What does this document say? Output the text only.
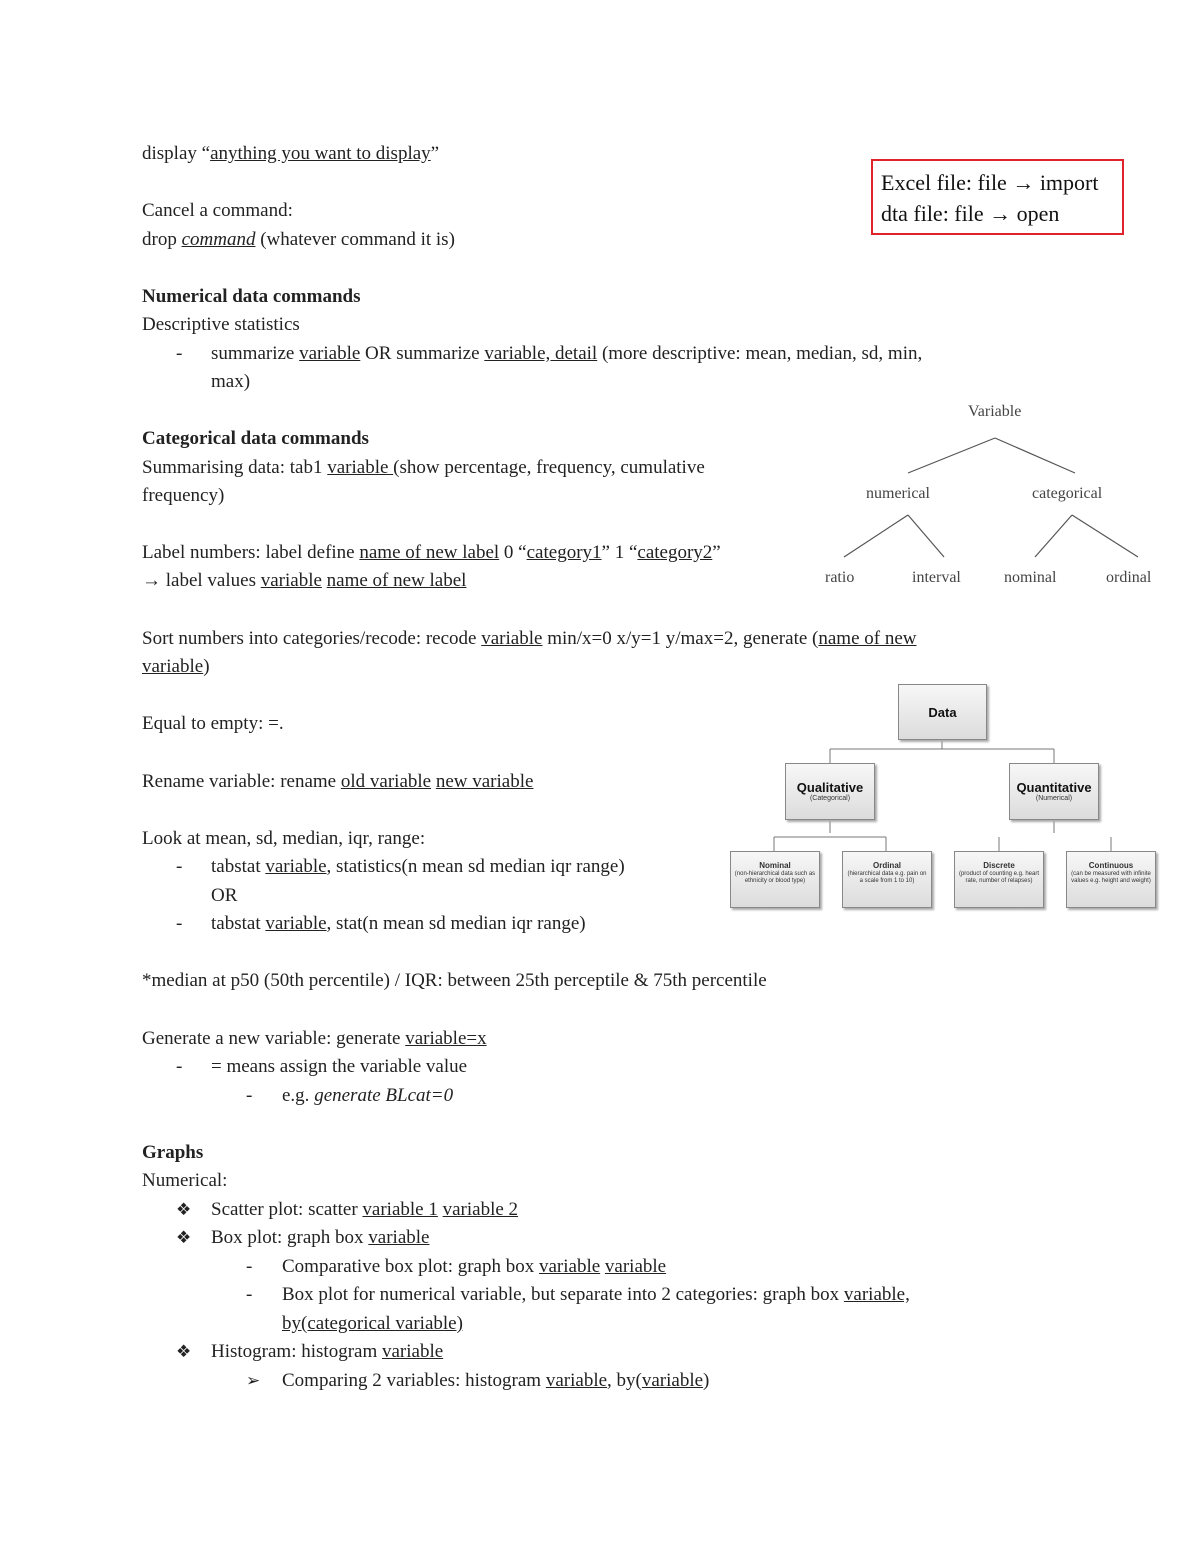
display “anything you want to display”
Cancel a command:
drop command (whatever command it is)
Numerical data commands
Descriptive statistics
- summarize variable OR summarize variable, detail (more descriptive: mean, median, sd, min,
max)
Categorical data commands
Summarising data: tab1 variable (show percentage, frequency, cumulative
frequency)
Label numbers: label define name of new label 0 “category1” 1 “category2”
→ label values variable name of new label
Sort numbers into categories/recode: recode variable min/x=0 x/y=1 y/max=2, generate (name of new
variable)
Equal to empty: =.
Rename variable: rename old variable new variable
Look at mean, sd, median, iqr, range:
- tabstat variable, statistics(n mean sd median iqr range)
OR
- tabstat variable, stat(n mean sd median iqr range)
*median at p50 (50th percentile) / IQR: between 25th perceptile & 75th percentile
Generate a new variable: generate variable=x
- = means assign the variable value
- e.g. generate BLcat=0
Graphs
Numerical:
❖ Scatter plot: scatter variable 1 variable 2
❖ Box plot: graph box variable
- Comparative box plot: graph box variable variable
- Box plot for numerical variable, but separate into 2 categories: graph box variable,
by(categorical variable)
❖ Histogram: histogram variable
➢ Comparing 2 variables: histogram variable, by(variable)
Excel file: file → import
dta file: file → open
Variable
numerical	categorical
ratio	interval	nominal	ordinal
Data
Qualitative
(Categorical)
Quantitative
(Numerical)
Nominal
(non-hierarchical data such as ethnicity or blood type)
Ordinal
(hierarchical data e.g. pain on a scale from 1 to 10)
Discrete
(product of counting e.g. heart rate, number of relapses)
Continuous
(can be measured with infinite values e.g. height and weight)
